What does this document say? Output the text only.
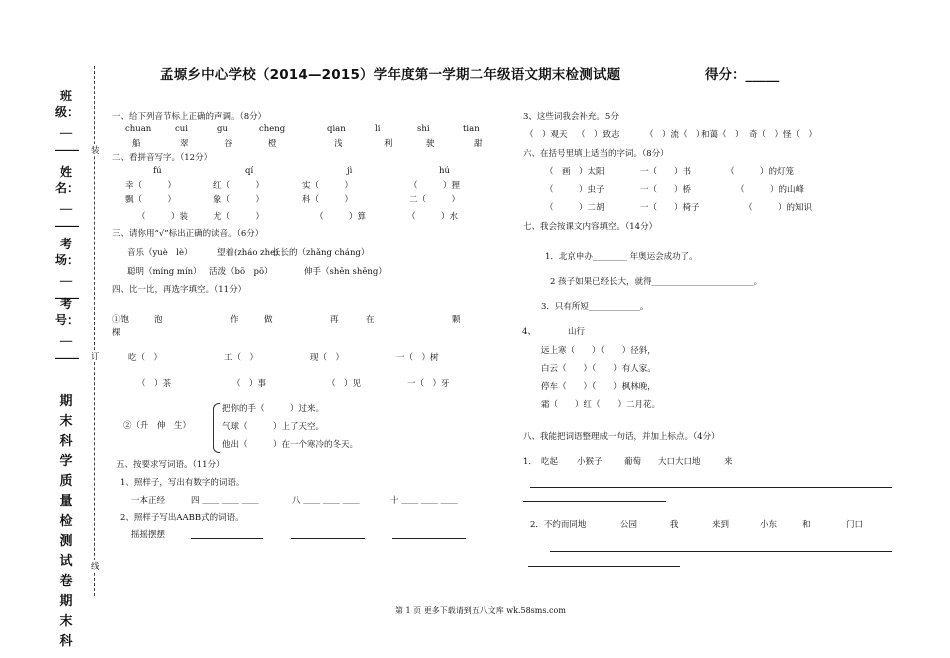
孟塬乡中心学校（2014—2015）学年度第一学期二年级语文期末检测试题	得分：_____
班级：＿____
姓名：＿____
考场：＿____
考号：＿____
期末科学质量检测试卷 期末科
装
订
线
一、给下列音节标上正确的声调。（8分）
chuan	cui	gu	cheng	qian	li	shi	tian
船	翠	谷	橙	浅	利	驶	甜
二、看拼音写字。（12分）
fú	qí	jì	hú
幸（　　　）	红（　　　）	实（　　　）	（　　　）狸
飘（　　　）	象（　　　）	科（　　　）	二（　　　）
（　　　）装	尤（　　　）	（　　　）算	（　　　）水
三、请你用“√”标出正确的读音。（6分）
音乐（yuè　lè）	望着(zháo zhe)长长的（zhǎng cháng）
聪明（míng mín） 活泼（bō　pō）	伸手（shēn shēng）
四、比一比，再选字填空。（11分）
①饱	泡	作	做	再	在	颗
棵
吃（　）	工（　）	现（　）	一（　）树
（　）茶	（　）事	（　）见	一（　）牙
②（升　伸　生）
把你的手（　　　）过来。
气球（　　　）上了天空。
他出（　　　）在一个寒冷的冬天。
五、按要求写词语。（11分）
1、照样子，写出有数字的词语。
一本正经	四 ＿＿ ＿＿ ＿＿	八 ＿＿ ＿＿ ＿＿	十 ＿＿ ＿＿ ＿＿
2、照样子写出AABB式的词语。
摇摇摆摆
3、这些词我会补充。5分
（　）观天 （　）致志	（　）流（　）和蔼（　） 奇（　）怪（　）
六、在括号里填上适当的字词。（8分）
（　画　）太阳	一（　　）书	（　　　）的灯笼
（　　　）虫子	一（　　）桥	（　　　）的山峰
（　　　）二胡	一（　　）椅子	（　　　）的知识
七、我会按课文内容填空。（14分）
1．北京申办________ 年奥运会成功了。
2 孩子如果已经长大，就得________________________。
3．只有所短____________。
4、	山行
远上寒（　　）（　　）径斜，
白云（　　）（　　）有人家。
停车（　　）（　　）枫林晚，
霜（　　）红（　　）二月花。
八、我能把词语整理成一句话，并加上标点。（4分）
1． 吃起 小猴子	葡萄 大口大口地	来
2．不约而同地	公园	我	来到	小东	和	门口
第 1 页 更多下载请到五八文库 wk.58sms.com
